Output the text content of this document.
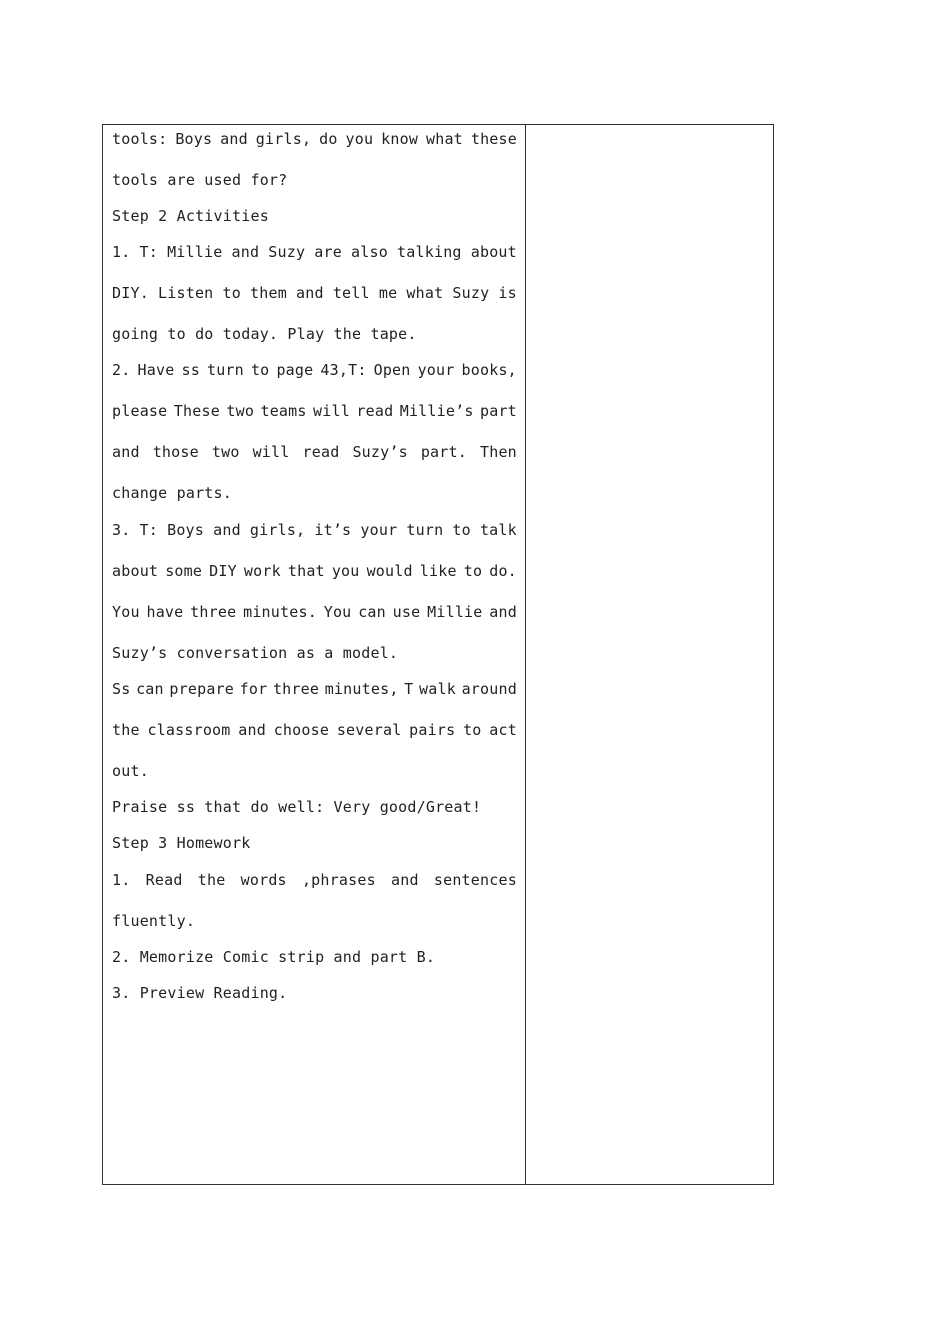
tools: Boys and girls, do you know what these
tools are used for?
Step 2 Activities
1. T: Millie and Suzy are also talking about
DIY. Listen to them and tell me what Suzy is
going to do today. Play the tape.
2. Have ss turn to page 43,T: Open your books,
please These two teams will read Millie’s part
and those two will read Suzy’s part. Then
change parts.
3. T: Boys and girls, it’s your turn to talk
about some DIY work that you would like to do.
You have three minutes. You can use Millie and
Suzy’s conversation as a model.
Ss can prepare for three minutes, T walk around
the classroom and choose several pairs to act
out.
Praise ss that do well: Very good/Great!
Step 3 Homework
1. Read the words ,phrases and sentences
fluently.
2. Memorize Comic strip and part B.
3. Preview Reading.
